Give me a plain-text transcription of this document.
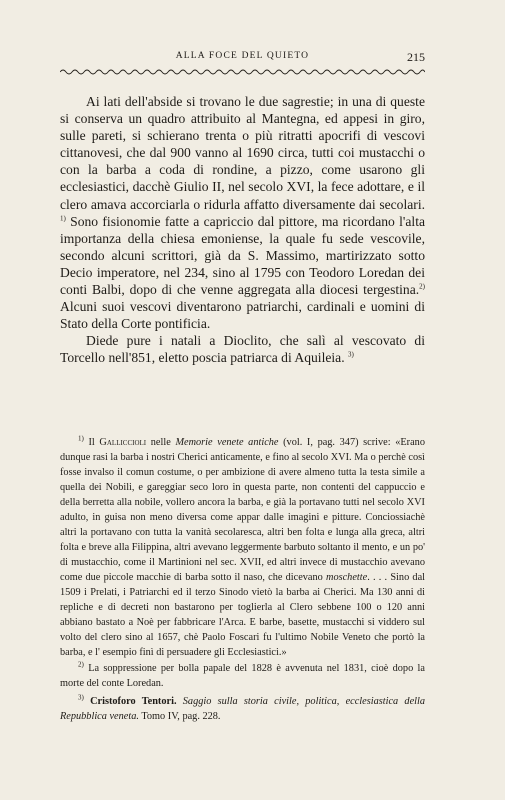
ALLA FOCE DEL QUIETO	215

Ai lati dell'abside si trovano le due sagrestie; in una di queste si conserva un quadro attribuito al Mantegna, ed appesi in giro, sulle pareti, si schierano trenta o più ritratti apocrifi di vescovi cittanovesi, che dal 900 vanno al 1690 circa, tutti coi mustacchi o con la barba a coda di rondine, a pizzo, come usarono gli ecclesiastici, dacchè Giulio II, nel secolo XVI, la fece adottare, e il clero amava accorciarla o ridurla affatto diversamente dai secolari. $^{1)}$ Sono fisionomie fatte a capriccio dal pittore, ma ricordano l'alta importanza della chiesa emoniense, la quale fu sede vescovile, secondo alcuni scrittori, già da S. Massimo, martirizzato sotto Decio imperatore, nel 234, sino al 1795 con Teodoro Loredan dei conti Balbi, dopo di che venne aggregata alla diocesi tergestina.$^{2)}$ Alcuni suoi vescovi diventarono patriarchi, cardinali e uomini di Stato della Corte pontificia.

Diede pure i natali a Dioclito, che salì al vescovato di Torcello nell'851, eletto poscia patriarca di Aquileia. $^{3)}$

$^{1)}$ Il Galliccioli nelle Memorie venete antiche (vol. I, pag. 347) scrive: «Erano dunque rasi la barba i nostri Cherici anticamente, e fino al secolo XVI. Ma o perchè così fosse invalso il comun costume, o per ambizione di avere almeno tutta la testa simile a quella dei Nobili, e gareggiar seco loro in questa parte, non contenti del cappuccio e della berretta alla nobile, vollero ancora la barba, e già la portavano tutti nel secolo XVI adulto, in guisa non meno diversa come appar dalle imagini e pitture. Conciossiachè altri la portavano con tutta la vanità secolaresca, altri ben folta e lunga alla greca, altri folta e breve alla Filippina, altri avevano leggermente barbuto soltanto il mento, e un po' di mustacchio, come il Martinioni nel sec. XVII, ed altri invece di mustacchio avevano come due piccole macchie di barba sotto il naso, che dicevano moschette. . . . Sino dal 1509 i Prelati, i Patriarchi ed il terzo Sinodo vietò la barba ai Cherici. Ma 130 anni di repliche e di decreti non bastarono per toglierla al Clero sebbene 100 o 120 anni abbiano bastato a Noè per fabbricare l'Arca. E barbe, basette, mustacchi si viddero sul volto del clero sino al 1657, chè Paolo Foscari fu l'ultimo Nobile Veneto che portò la barba, e l' esempio finì di persuadere gli Ecclesiastici.»

$^{2)}$ La soppressione per bolla papale del 1828 è avvenuta nel 1831, cioè dopo la morte del conte Loredan.

$^{3)}$ Cristoforo Tentori. Saggio sulla storia civile, politica, ecclesiastica della Repubblica veneta. Tomo IV, pag. 228.
